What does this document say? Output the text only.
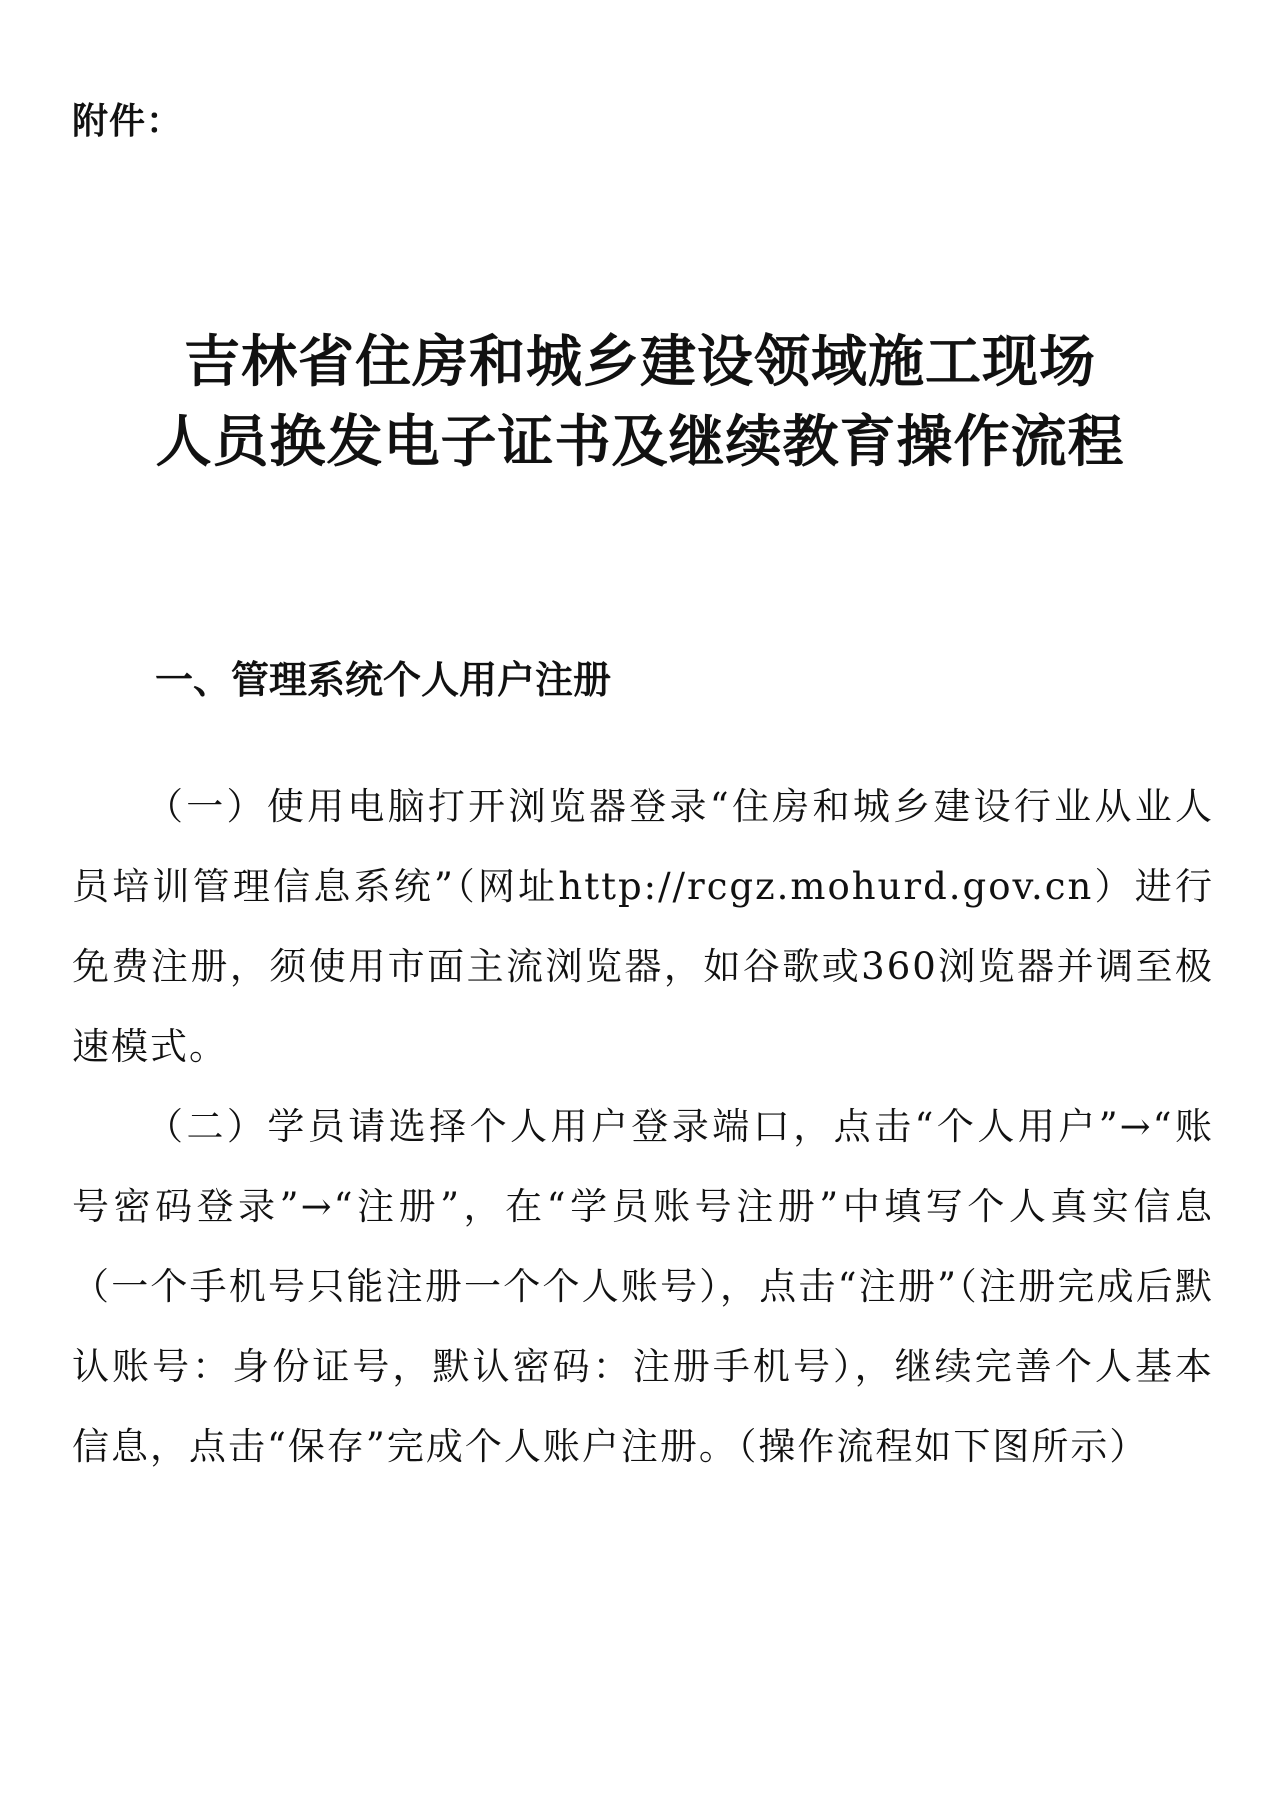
附件：
吉林省住房和城乡建设领域施工现场
人员换发电子证书及继续教育操作流程
一、管理系统个人用户注册

（一）使用电脑打开浏览器登录“住房和城乡建设行业从业人员培训管理信息系统”（网址http://rcgz.mohurd.gov.cn）进行免费注册，须使用市面主流浏览器，如谷歌或360浏览器并调至极速模式。

（二）学员请选择个人用户登录端口，点击“个人用户”→“账号密码登录”→“注册”，在“学员账号注册”中填写个人真实信息（一个手机号只能注册一个个人账号），点击“注册”（注册完成后默认账号：身份证号，默认密码：注册手机号），继续完善个人基本信息，点击“保存”完成个人账户注册。（操作流程如下图所示）
